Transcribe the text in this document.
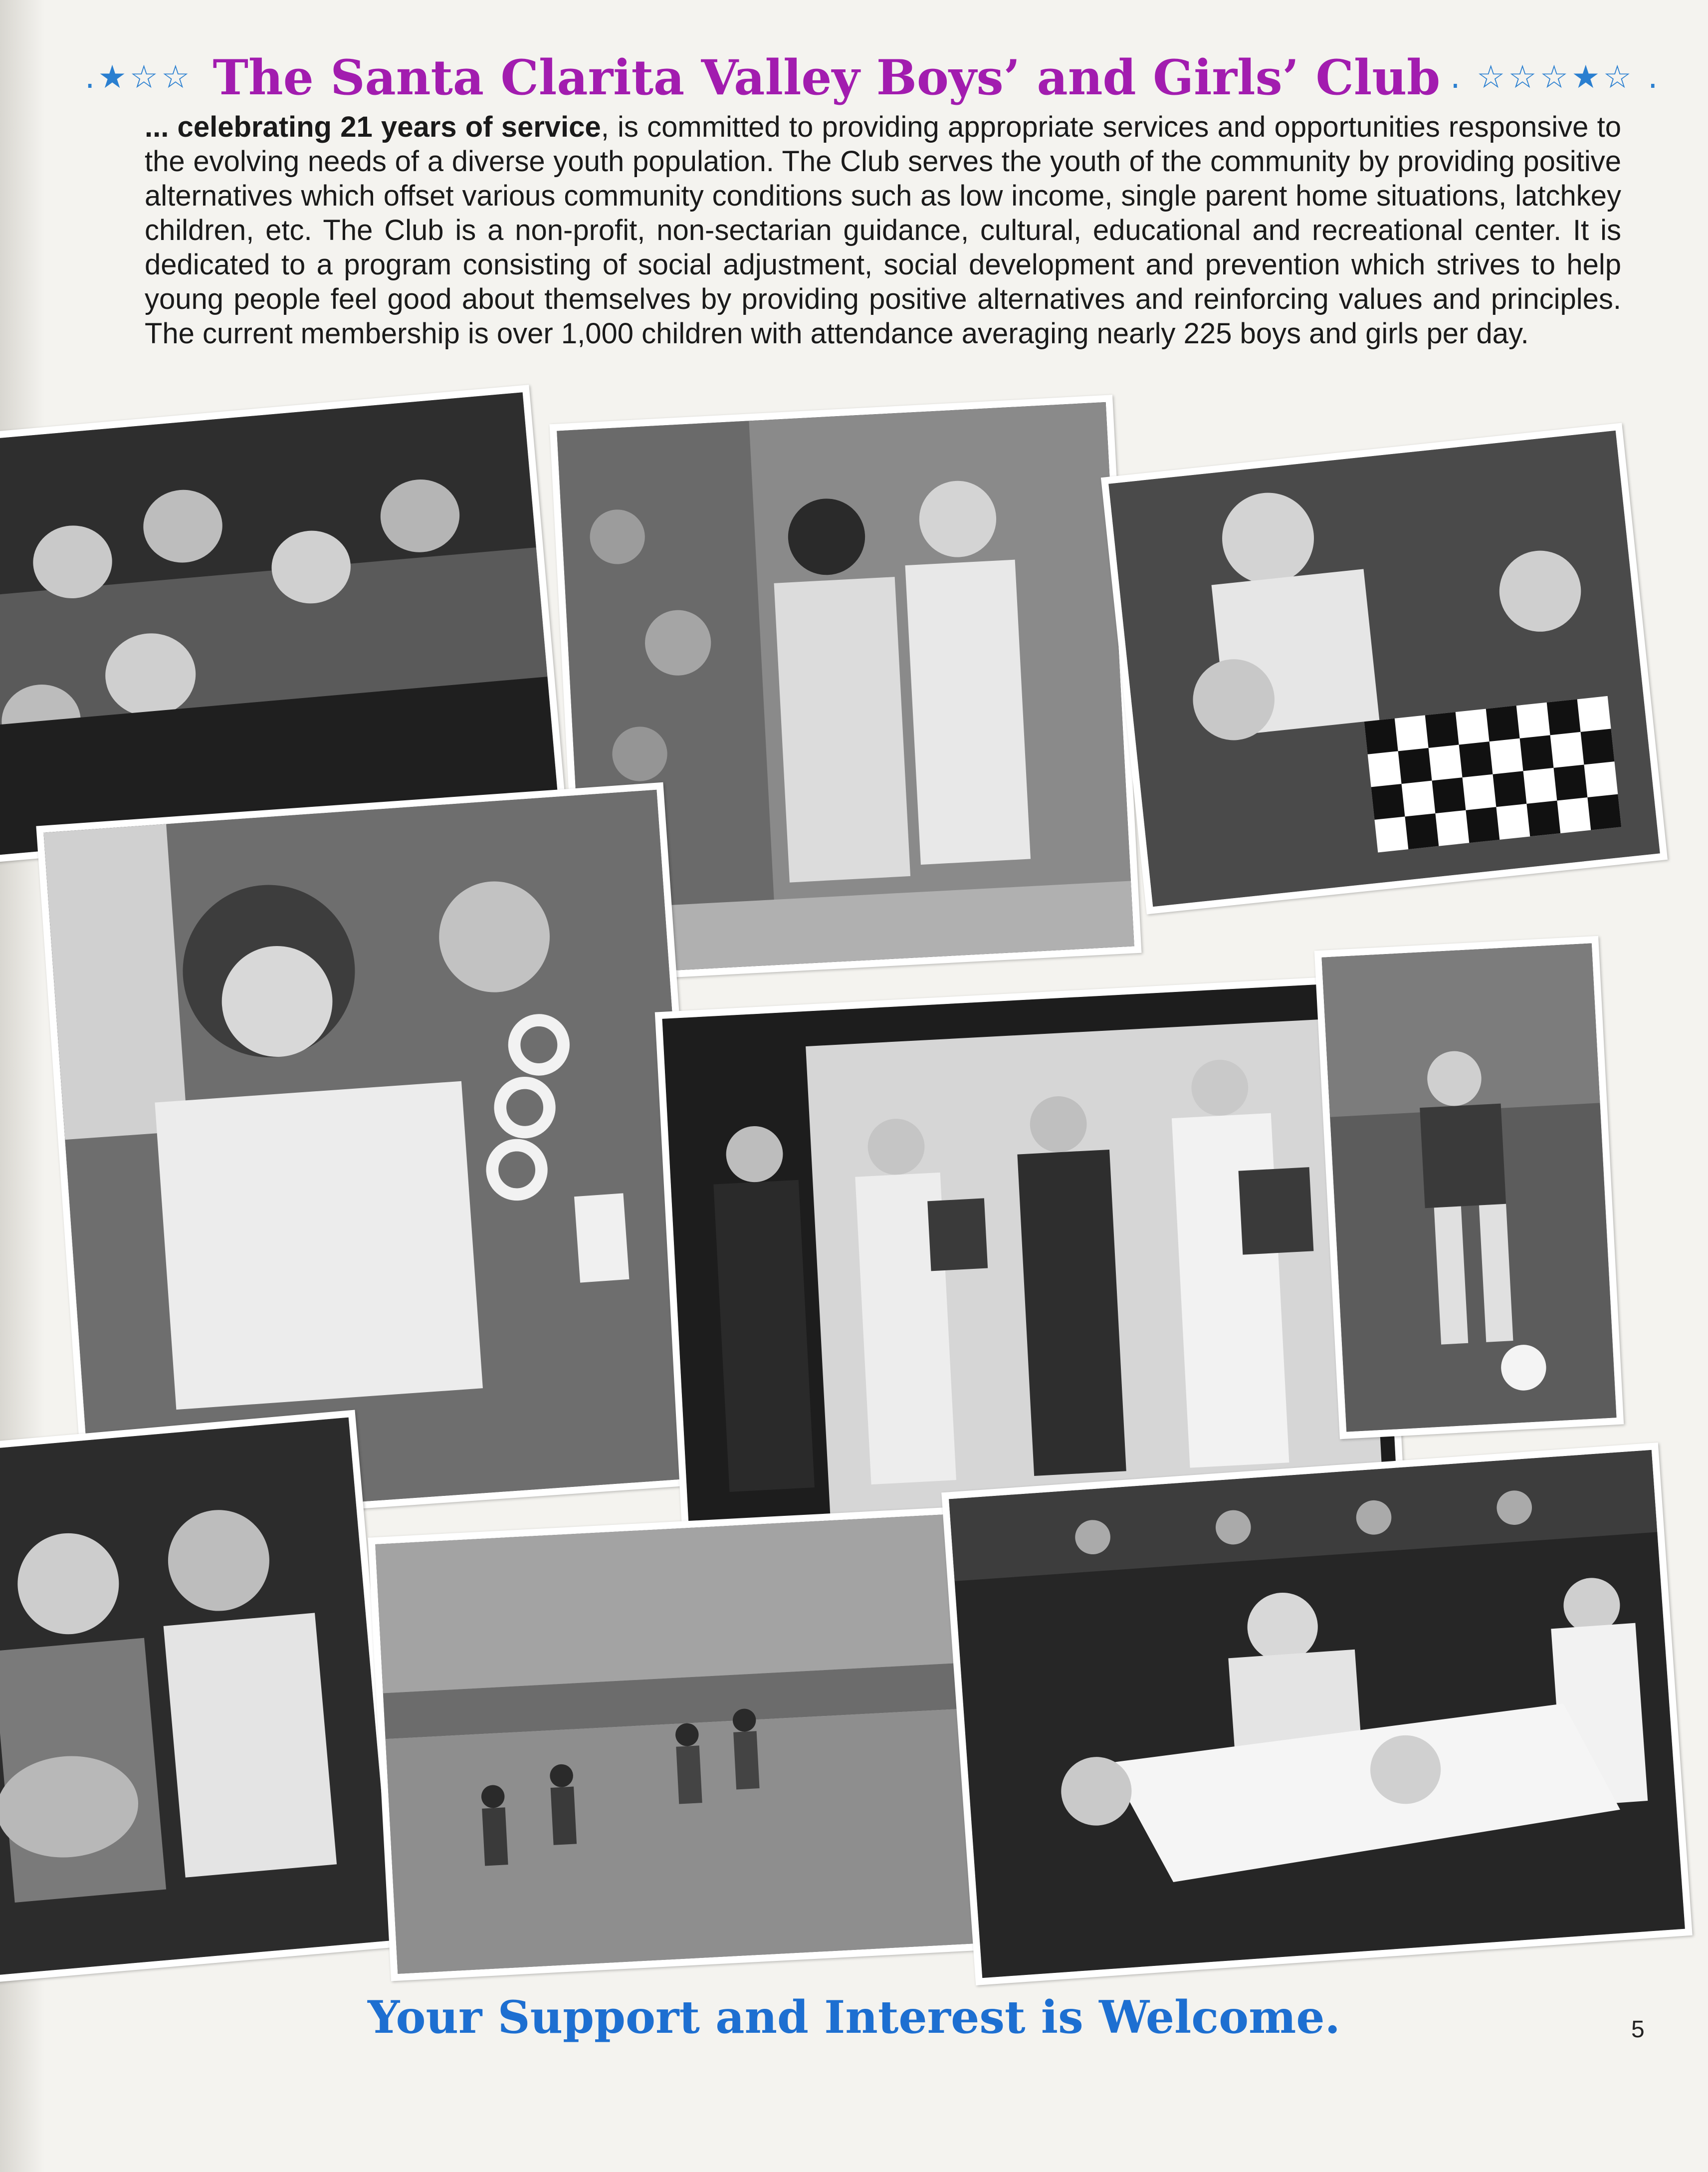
.★☆☆ The Santa Clarita Valley Boys’ and Girls’ Club . ☆☆☆★☆ .

... celebrating 21 years of service, is committed to providing appropriate services and opportunities responsive to the evolving needs of a diverse youth population. The Club serves the youth of the community by providing positive alternatives which offset various community conditions such as low income, single parent home situations, latchkey children, etc. The Club is a non-profit, non-sectarian guidance, cultural, educational and recreational center. It is dedicated to a program consisting of social adjustment, social development and prevention which strives to help young people feel good about themselves by providing positive alternatives and reinforcing values and principles. The current membership is over 1,000 children with attendance averaging nearly 225 boys and girls per day.

Your Support and Interest is Welcome.	5
